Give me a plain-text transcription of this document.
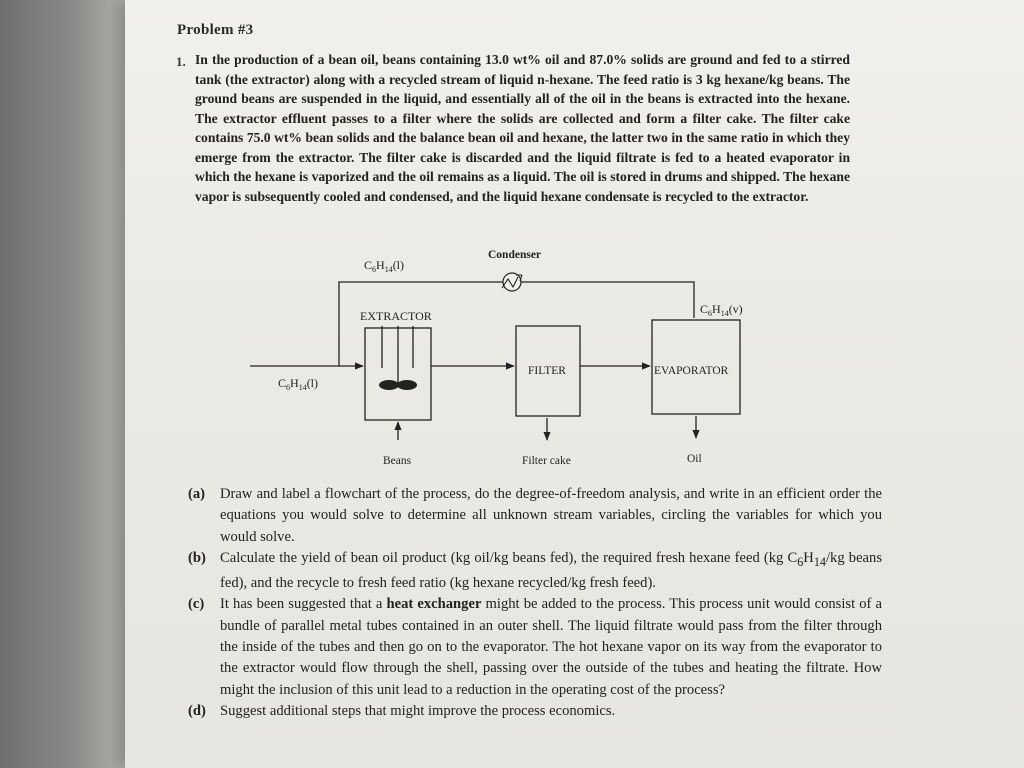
Problem #3
1. In the production of a bean oil, beans containing 13.0 wt% oil and 87.0% solids are ground and fed to a stirred tank (the extractor) along with a recycled stream of liquid n-hexane. The feed ratio is 3 kg hexane/kg beans. The ground beans are suspended in the liquid, and essentially all of the oil in the beans is extracted into the hexane. The extractor effluent passes to a filter where the solids are collected and form a filter cake. The filter cake contains 75.0 wt% bean solids and the balance bean oil and hexane, the latter two in the same ratio in which they emerge from the extractor. The filter cake is discarded and the liquid filtrate is fed to a heated evaporator in which the hexane is vaporized and the oil remains as a liquid. The oil is stored in drums and shipped. The hexane vapor is subsequently cooled and condensed, and the liquid hexane condensate is recycled to the extractor.

Condenser
$C_6H_{14}(l)$
$C_6H_{14}(v)$
EXTRACTOR
$C_6H_{14}(l)$
Beans
FILTER
Filter cake
EVAPORATOR
Oil
(a) Draw and label a flowchart of the process, do the degree-of-freedom analysis, and write in an efficient order the equations you would solve to determine all unknown stream variables, circling the variables for which you would solve.
(b) Calculate the yield of bean oil product (kg oil/kg beans fed), the required fresh hexane feed (kg $C_6H_{14}/kg$ beans fed), and the recycle to fresh feed ratio (kg hexane recycled/kg fresh feed).
(c) It has been suggested that a heat exchanger might be added to the process. This process unit would consist of a bundle of parallel metal tubes contained in an outer shell. The liquid filtrate would pass from the filter through the inside of the tubes and then go on to the evaporator. The hot hexane vapor on its way from the evaporator to the extractor would flow through the shell, passing over the outside of the tubes and heating the filtrate. How might the inclusion of this unit lead to a reduction in the operating cost of the process?
(d) Suggest additional steps that might improve the process economics.
